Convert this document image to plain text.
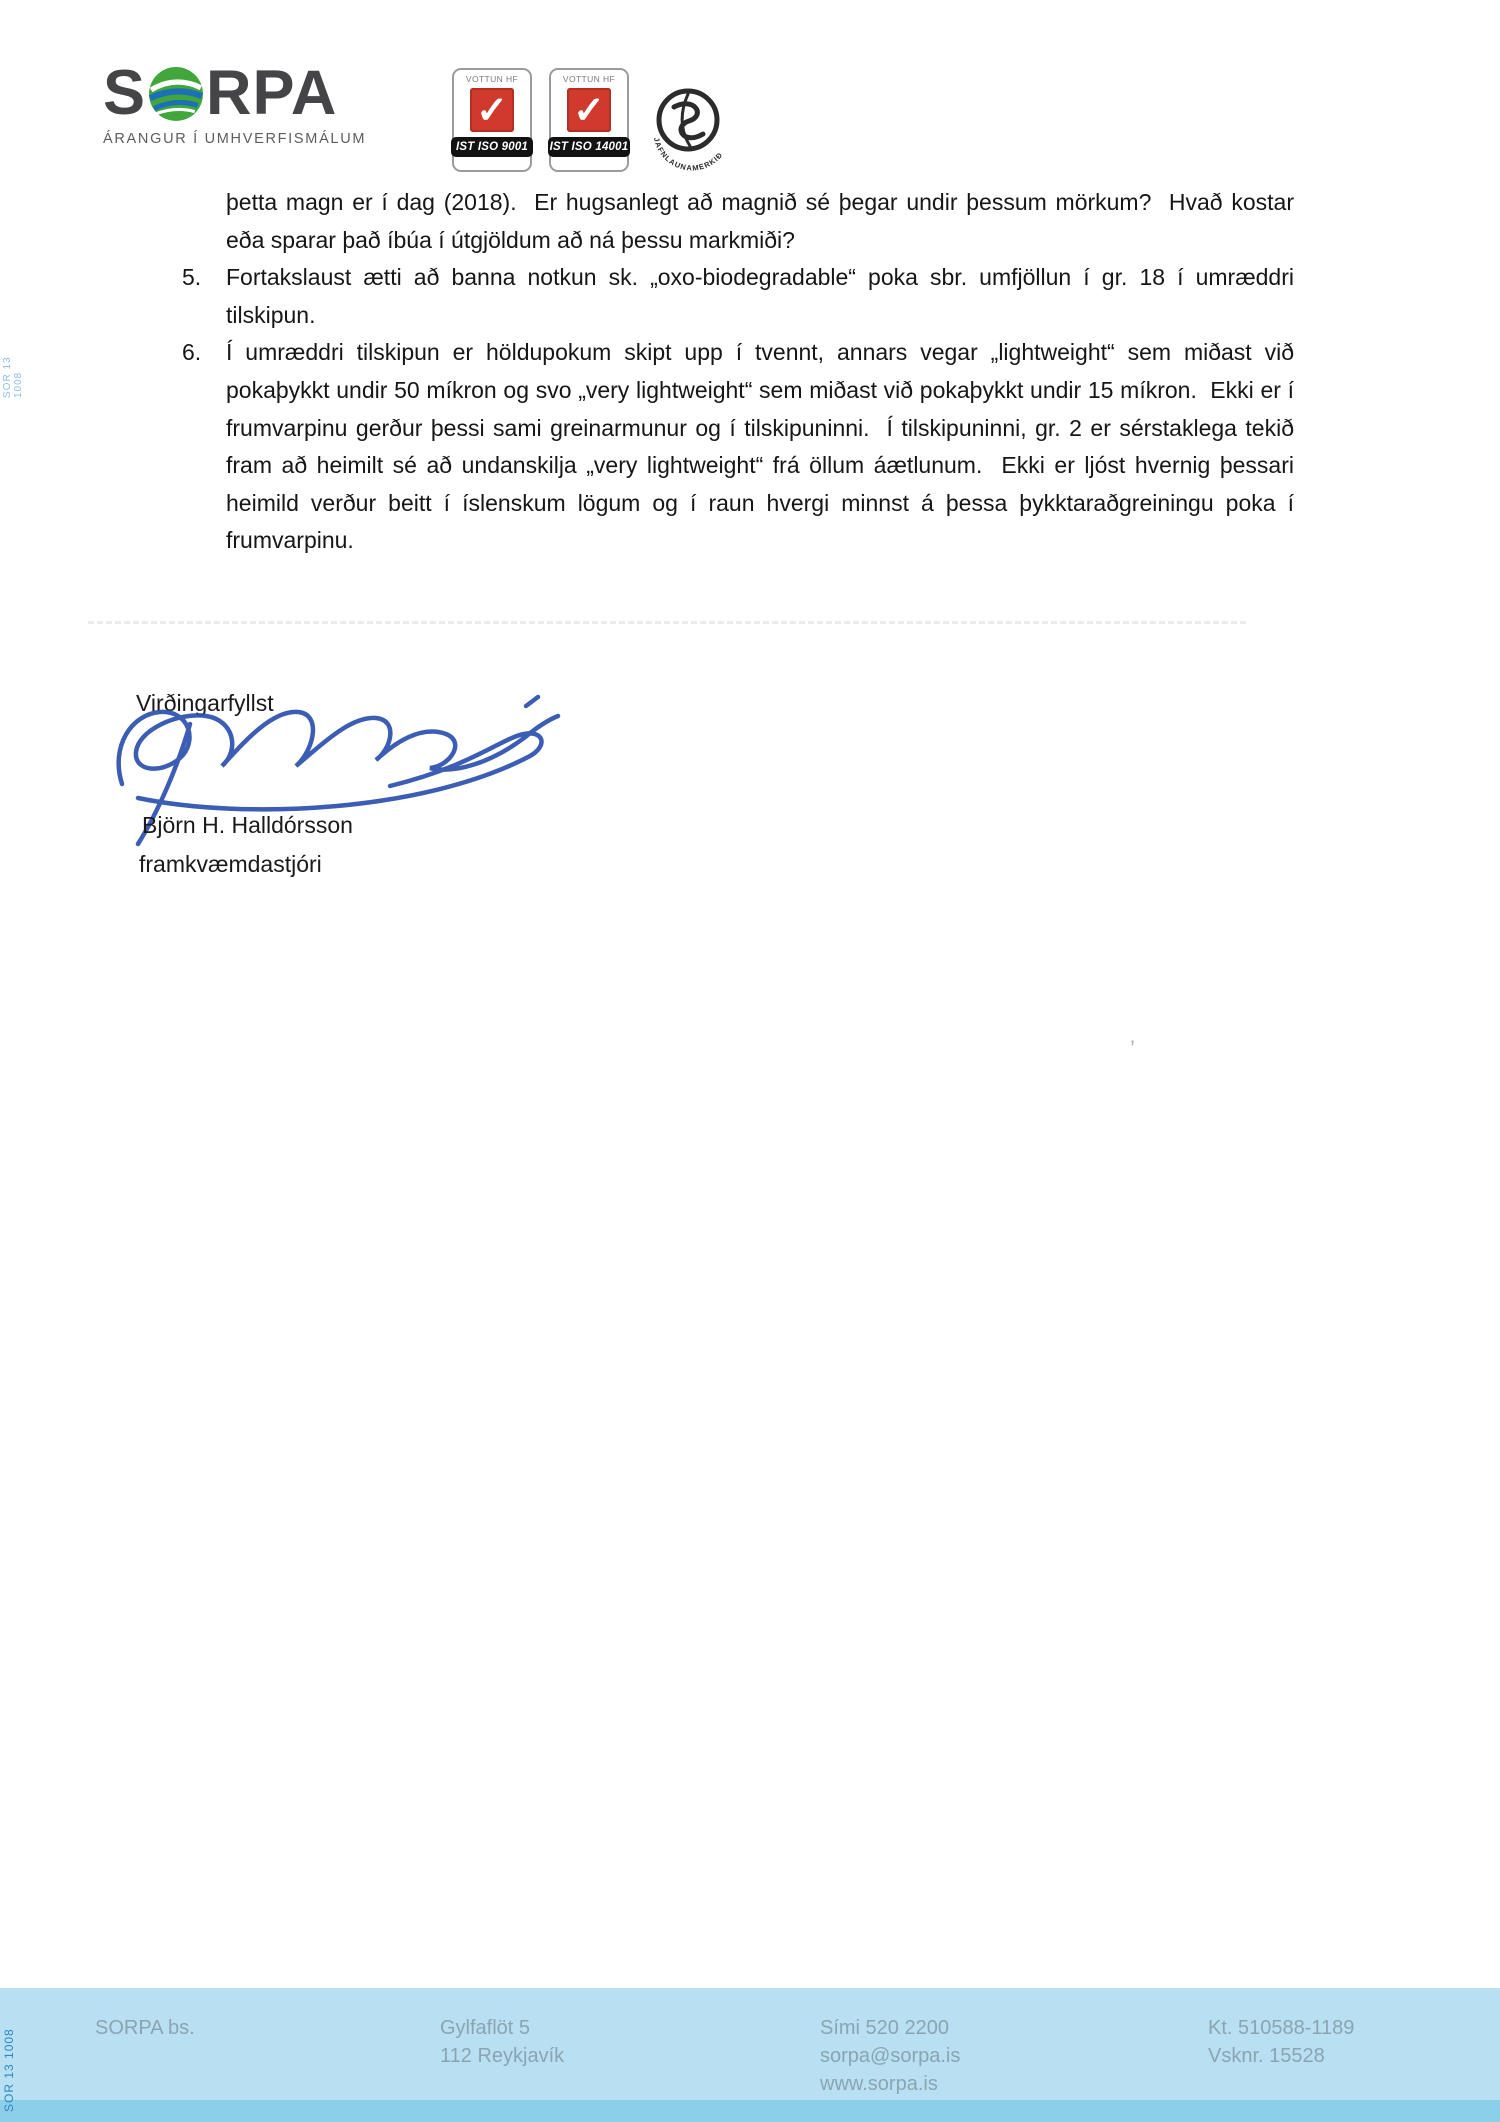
S RPA
ÁRANGUR Í UMHVERFISMÁLUM
VOTTUN HF
✓
IST ISO 9001
VOTTUN HF
✓
IST ISO 14001
JAFNLAUNAMERKIÐ

þetta magn er í dag (2018).  Er hugsanlegt að magnið sé þegar undir þessum mörkum?  Hvað kostar eða sparar það íbúa í útgjöldum að ná þessu markmiði?

5.	Fortakslaust ætti að banna notkun sk. „oxo-biodegradable“ poka sbr. umfjöllun í gr. 18 í umræddri tilskipun.
6.	Í umræddri tilskipun er höldupokum skipt upp í tvennt, annars vegar „lightweight“ sem miðast við pokaþykkt undir 50 míkron og svo „very lightweight“ sem miðast við pokaþykkt undir 15 míkron.  Ekki er í frumvarpinu gerður þessi sami greinarmunur og í tilskipuninni.  Í tilskipuninni, gr. 2 er sérstaklega tekið fram að heimilt sé að undanskilja „very lightweight“ frá öllum áætlunum.  Ekki er ljóst hvernig þessari heimild verður beitt í íslenskum lögum og í raun hvergi minnst á þessa þykktaraðgreiningu poka í frumvarpinu.
Virðingarfyllst
Björn H. Halldórsson
framkvæmdastjóri
’
SORPA bs.	Gylfaflöt 5
112 Reykjavík
Sími 520 2200
sorpa@sorpa.is
www.sorpa.is
Kt. 510588-1189
Vsknr. 15528
SOR 13 1008
SOR 13 1008
